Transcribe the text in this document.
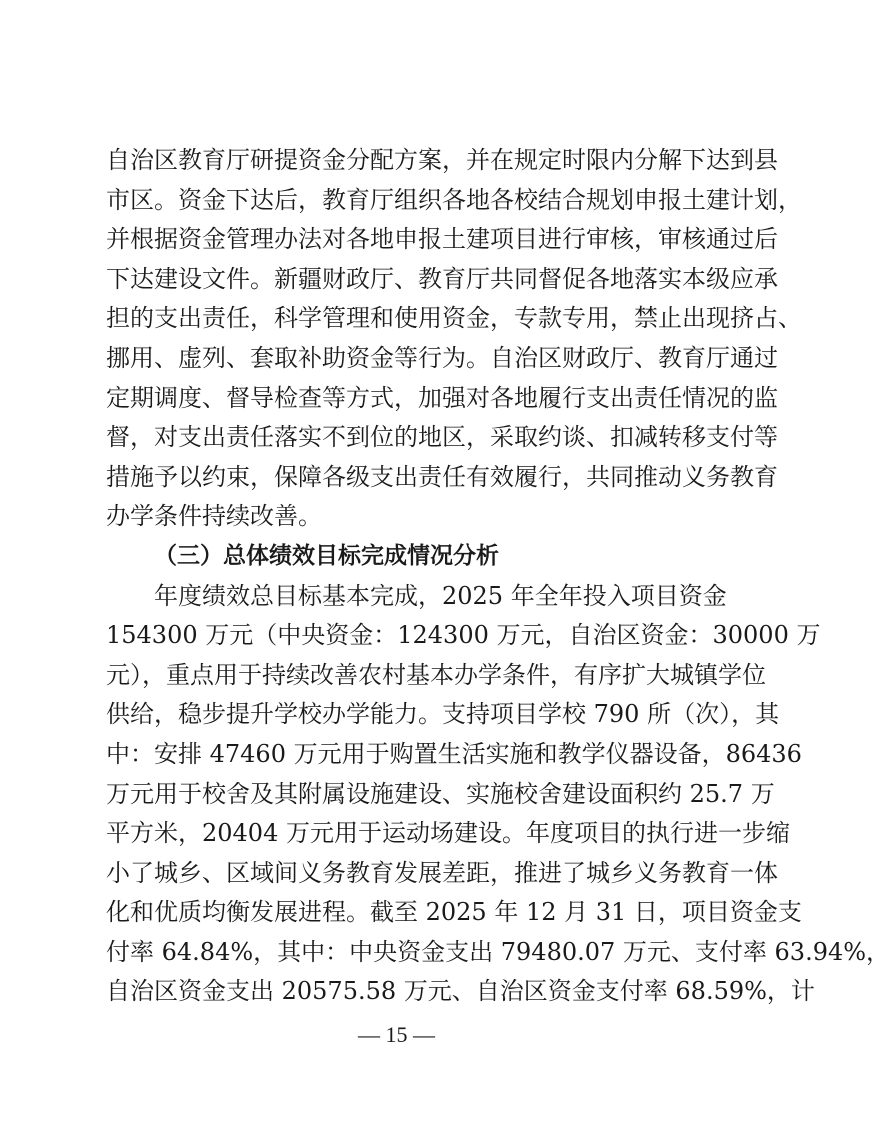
自治区教育厅研提资金分配方案，并在规定时限内分解下达到县
市区。资金下达后，教育厅组织各地各校结合规划申报土建计划，
并根据资金管理办法对各地申报土建项目进行审核，审核通过后
下达建设文件。新疆财政厅、教育厅共同督促各地落实本级应承
担的支出责任，科学管理和使用资金，专款专用，禁止出现挤占、
挪用、虚列、套取补助资金等行为。自治区财政厅、教育厅通过
定期调度、督导检查等方式，加强对各地履行支出责任情况的监
督，对支出责任落实不到位的地区，采取约谈、扣减转移支付等
措施予以约束，保障各级支出责任有效履行，共同推动义务教育
办学条件持续改善。
（三）总体绩效目标完成情况分析
年度绩效总目标基本完成，2025 年全年投入项目资金
154300 万元（中央资金：124300 万元，自治区资金：30000 万
元），重点用于持续改善农村基本办学条件，有序扩大城镇学位
供给，稳步提升学校办学能力。支持项目学校 790 所（次），其
中：安排 47460 万元用于购置生活实施和教学仪器设备，86436
万元用于校舍及其附属设施建设、实施校舍建设面积约 25.7 万
平方米，20404 万元用于运动场建设。年度项目的执行进一步缩
小了城乡、区域间义务教育发展差距，推进了城乡义务教育一体
化和优质均衡发展进程。截至 2025 年 12 月 31 日，项目资金支
— 15 —
付率 64.84%，其中：中央资金支出 79480.07 万元、支付率 63.94%，
自治区资金支出 20575.58 万元、自治区资金支付率 68.59%，计
